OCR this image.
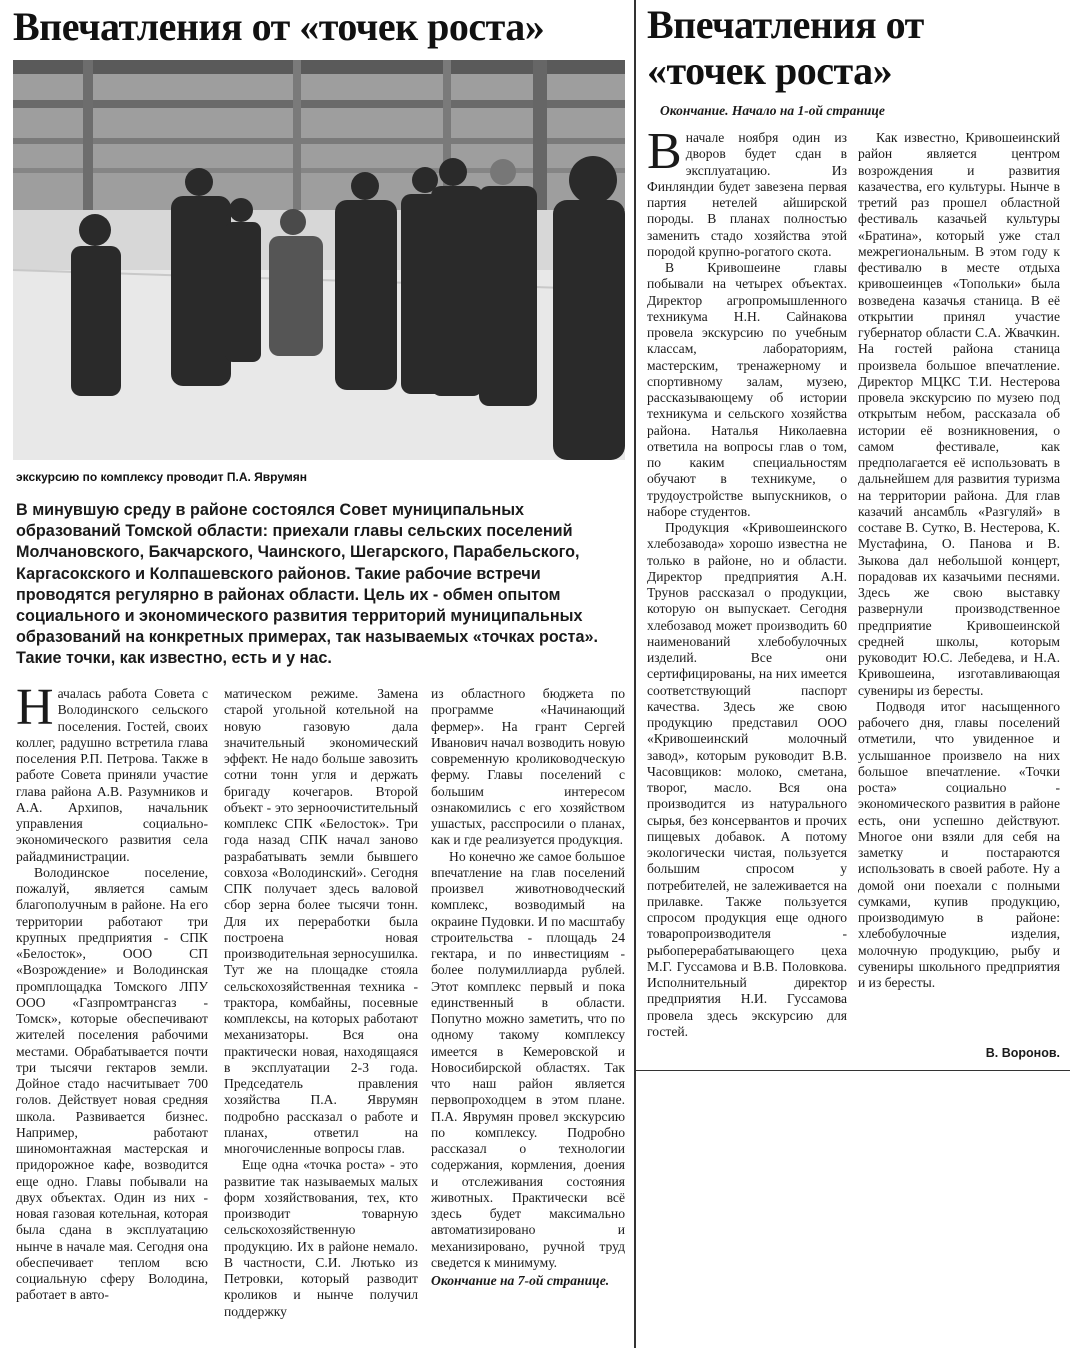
Впечатления от «точек роста»
экскурсию по комплексу проводит П.А. Яврумян

В минувшую среду в районе состоялся Совет муниципальных образований Томской области: приехали главы сельских поселений Молчановского, Бакчарского, Чаинского, Шегарского, Парабельского, Каргасокского и Колпашевского районов. Такие рабочие встречи проводятся регулярно в районах области. Цель их - обмен опытом социального и экономического развития территорий муниципальных образований на конкретных примерах, так называемых «точках роста». Такие точки, как известно, есть и у нас.

Началась работа Совета с Володинского сельского поселения. Гостей, своих коллег, радушно встретила глава поселения Р.П. Петрова. Также в работе Совета приняли участие глава района А.В. Разумников и А.А. Архипов, начальник управления социально-экономического развития села райадминистрации.

Володинское поселение, пожалуй, является самым благополучным в районе. На его территории работают три крупных предприятия - СПК «Белосток», ООО СП «Возрождение» и Володинская промплощадка Томского ЛПУ ООО «Газпромтрансгаз - Томск», которые обеспечивают жителей поселения рабочими местами. Обрабатывается почти три тысячи гектаров земли. Дойное стадо насчитывает 700 голов. Действует новая средняя школа. Развивается бизнес. Например, работают шиномонтажная мастерская и придорожное кафе, возводится еще одно. Главы побывали на двух объектах. Один из них - новая газовая котельная, которая была сдана в эксплуатацию нынче в начале мая. Сегодня она обеспечивает теплом всю социальную сферу Володина, работает в авто-

матическом режиме. Замена старой угольной котельной на новую газовую дала значительный экономический эффект. Не надо больше завозить сотни тонн угля и держать бригаду кочегаров. Второй объект - это зерноочистительный комплекс СПК «Белосток». Три года назад СПК начал заново разрабатывать земли бывшего совхоза «Володинский». Сегодня СПК получает здесь валовой сбор зерна более тысячи тонн. Для их переработки была построена новая производительная зерносушилка. Тут же на площадке стояла сельскохозяйственная техника - трактора, комбайны, посевные комплексы, на которых работают механизаторы. Вся она практически новая, находящаяся в эксплуатации 2-3 года. Председатель правления хозяйства П.А. Яврумян подробно рассказал о работе и планах, ответил на многочисленные вопросы глав.

Еще одна «точка роста» - это развитие так называемых малых форм хозяйствования, тех, кто производит товарную сельскохозяйственную продукцию. Их в районе немало. В частности, С.И. Лютько из Петровки, который разводит кроликов и нынче получил поддержку

из областного бюджета по программе «Начинающий фермер». На грант Сергей Иванович начал возводить новую современную кролиководческую ферму. Главы поселений с большим интересом ознакомились с его хозяйством ушастых, расспросили о планах, как и где реализуется продукция.

Но конечно же самое большое впечатление на глав поселений произвел животноводческий комплекс, возводимый на окраине Пудовки. И по масштабу строительства - площадь 24 гектара, и по инвестициям - более полумиллиарда рублей. Этот комплекс первый и пока единственный в области. Попутно можно заметить, что по одному такому комплексу имеется в Кемеровской и Новосибирской областях. Так что наш район является первопроходцем в этом плане. П.А. Яврумян провел экскурсию по комплексу. Подробно рассказал о технологии содержания, кормления, доения и отслеживания состояния животных. Практически всё здесь будет максимально автоматизировано и механизировано, ручной труд сведется к минимуму.

Окончание на 7-ой странице.

Впечатления от
«точек роста»
Окончание. Начало на 1-ой странице

Вначале ноября один из дворов будет сдан в эксплуатацию. Из Финляндии будет завезена первая партия нетелей айширской породы. В планах полностью заменить стадо хозяйства этой породой крупно-рогатого скота.

В Кривошеине главы побывали на четырех объектах. Директор агропромышленного техникума Н.Н. Сайнакова провела экскурсию по учебным классам, лабораториям, мастерским, тренажерному и спортивному залам, музею, рассказывающему об истории техникума и сельского хозяйства района. Наталья Николаевна ответила на вопросы глав о том, по каким специальностям обучают в техникуме, о трудоустройстве выпускников, о наборе студентов.

Продукция «Кривошеинского хлебозавода» хорошо известна не только в районе, но и области. Директор предприятия А.Н. Трунов рассказал о продукции, которую он выпускает. Сегодня хлебозавод может производить 60 наименований хлебобулочных изделий. Все они сертифицированы, на них имеется соответствующий паспорт качества. Здесь же свою продукцию представил ООО «Кривошеинский молочный завод», которым руководит В.В. Часовщиков: молоко, сметана, творог, масло. Вся она производится из натурального сырья, без консервантов и прочих пищевых добавок. А потому экологически чистая, пользуется большим спросом у потребителей, не залеживается на прилавке. Также пользуется спросом продукция еще одного товаропроизводителя - рыбоперерабатывающего цеха М.Г. Гуссамова и В.В. Половкова. Исполнительный директор предприятия Н.И. Гуссамова провела здесь экскурсию для гостей.

Как известно, Кривошеинский район является центром возрождения и развития казачества, его культуры. Нынче в третий раз прошел областной фестиваль казачьей культуры «Братина», который уже стал межрегиональным. В этом году к фестивалю в месте отдыха кривошеинцев «Топольки» была возведена казачья станица. В её открытии принял участие губернатор области С.А. Жвачкин. На гостей района станица произвела большое впечатление. Директор МЦКС Т.И. Нестерова провела экскурсию по музею под открытым небом, рассказала об истории её возникновения, о самом фестивале, как предполагается её использовать в дальнейшем для развития туризма на территории района. Для глав казачий ансамбль «Разгуляй» в составе В. Сутко, В. Нестерова, К. Мустафина, О. Панова и В. Зыкова дал небольшой концерт, порадовав их казачьими песнями. Здесь же свою выставку развернули производственное предприятие Кривошеинской средней школы, которым руководит Ю.С. Лебедева, и Н.А. Кривошеина, изготавливающая сувениры из бересты.

Подводя итог насыщенного рабочего дня, главы поселений отметили, что увиденное и услышанное произвело на них большое впечатление. «Точки роста» социально - экономического развития в районе есть, они успешно действуют. Многое они взяли для себя на заметку и постараются использовать в своей работе. Ну а домой они поехали с полными сумками, купив продукцию, производимую в районе: хлебобулочные изделия, молочную продукцию, рыбу и сувениры школьного предприятия и из бересты.

В. Воронов.
